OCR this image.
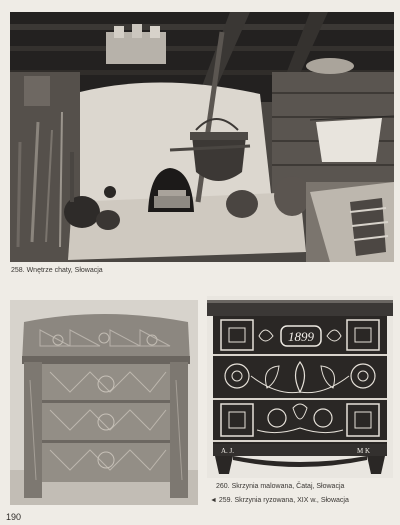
258. Wnętrze chaty, Słowacja
1899
A. J.	M K
260. Skrzynia malowana, Čataj, Słowacja
◄ 259. Skrzynia ryzowana, XIX w., Słowacja
190
